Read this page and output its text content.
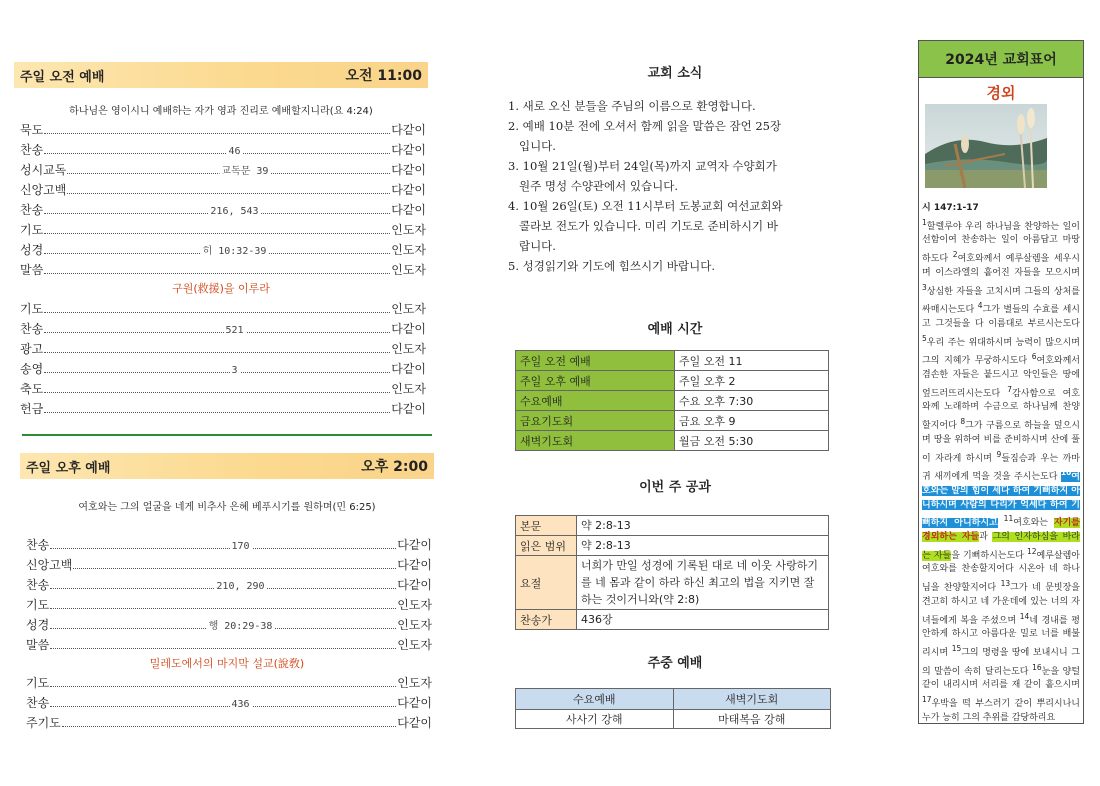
주일 오전 예배	오전 11:00
하나님은 영이시니 예배하는 자가 영과 진리로 예배할지니라(요 4:24)
묵도	다같이
찬송	46	다같이
성시교독	교독문 39	다같이
신앙고백	다같이
찬송	216, 543	다같이
기도	인도자
성경	히 10:32-39	인도자
말씀	인도자
구원(救援)을 이루라
기도	인도자
찬송	521	다같이
광고	인도자
송영	3	다같이
축도	인도자
헌금	다같이
주일 오후 예배	오후 2:00
여호와는 그의 얼굴을 네게 비추사 은혜 베푸시기를 원하며(민 6:25)
찬송	170	다같이
신앙고백	다같이
찬송	210, 290	다같이
기도	인도자
성경	행 20:29-38	인도자
말씀	인도자
밀레도에서의 마지막 설교(說敎)
기도	인도자
찬송	436	다같이
주기도	다같이
교회 소식
1. 새로 오신 분들을 주님의 이름으로 환영합니다.
2. 예배 10분 전에 오셔서 함께 읽을 말씀은 잠언 25장
입니다.
3. 10월 21일(월)부터 24일(목)까지 교역자 수양회가
원주 명성 수양관에서 있습니다.
4. 10월 26일(토) 오전 11시부터 도봉교회 여선교회와
콜라보 전도가 있습니다. 미리 기도로 준비하시기 바
랍니다.
5. 성경읽기와 기도에 힘쓰시기 바랍니다.
예배 시간
주일 오전 예배	주일 오전 11
주일 오후 예배	주일 오후 2
수요예배	수요 오후 7:30
금요기도회	금요 오후 9
새벽기도회	월금 오전 5:30
이번 주 공과
본문	약 2:8-13
읽은 범위	약 2:8-13
요절	너희가 만일 성경에 기록된 대로 네 이웃 사랑하기를 네 몸과 같이 하라 하신 최고의 법을 지키면 잘하는 것이거니와(약 2:8)
찬송가	436장
주중 예배
수요예배	새벽기도회
사사기 강해	마태복음 강해
2024년 교회표어
경외
시 147:1-17
$^1$할렐루야 우리 하나님을 찬양하는 일이 선함이여 찬송하는 일이 아름답고 마땅하도다 $^2$여호와께서 예루살렘을 세우시며 이스라엘의 흩어진 자들을 모으시며 $^3$상심한 자들을 고치시며 그들의 상처를 싸매시는도다 $^4$그가 별들의 수효를 세시고 그것들을 다 이름대로 부르시는도다 $^5$우리 주는 위대하시며 능력이 많으시며 그의 지혜가 무궁하시도다 $^6$여호와께서 겸손한 자들은 붙드시고 악인들은 땅에 엎드러뜨리시는도다 $^7$감사함으로 여호와께 노래하며 수금으로 하나님께 찬양할지어다 $^8$그가 구름으로 하늘을 덮으시며 땅을 위하여 비를 준비하시며 산에 풀이 자라게 하시며 $^9$들짐승과 우는 까마귀 새끼에게 먹을 것을 주시는도다 $^{10}$여호와는 말의 힘이 세다 하여 기뻐하지 아니하시며 사람의 다리가 억세다 하여 기뻐하지 아니하시고 $^{11}$여호와는 자기를 경외하는 자들과 그의 인자하심을 바라는 자들을 기뻐하시는도다 $^{12}$예루살렘아 여호와를 찬송할지어다 시온아 네 하나님을 찬양할지어다 $^{13}$그가 네 문빗장을 견고히 하시고 네 가운데에 있는 너의 자녀들에게 복을 주셨으며 $^{14}$네 경내를 평안하게 하시고 아름다운 밀로 너를 배불리시며 $^{15}$그의 명령을 땅에 보내시니 그의 말씀이 속히 달리는도다 $^{16}$눈을 양털 같이 내리시며 서리를 재 같이 흩으시며 $^{17}$우박을 떡 부스러기 같이 뿌리시나니 누가 능히 그의 추위를 감당하리요
